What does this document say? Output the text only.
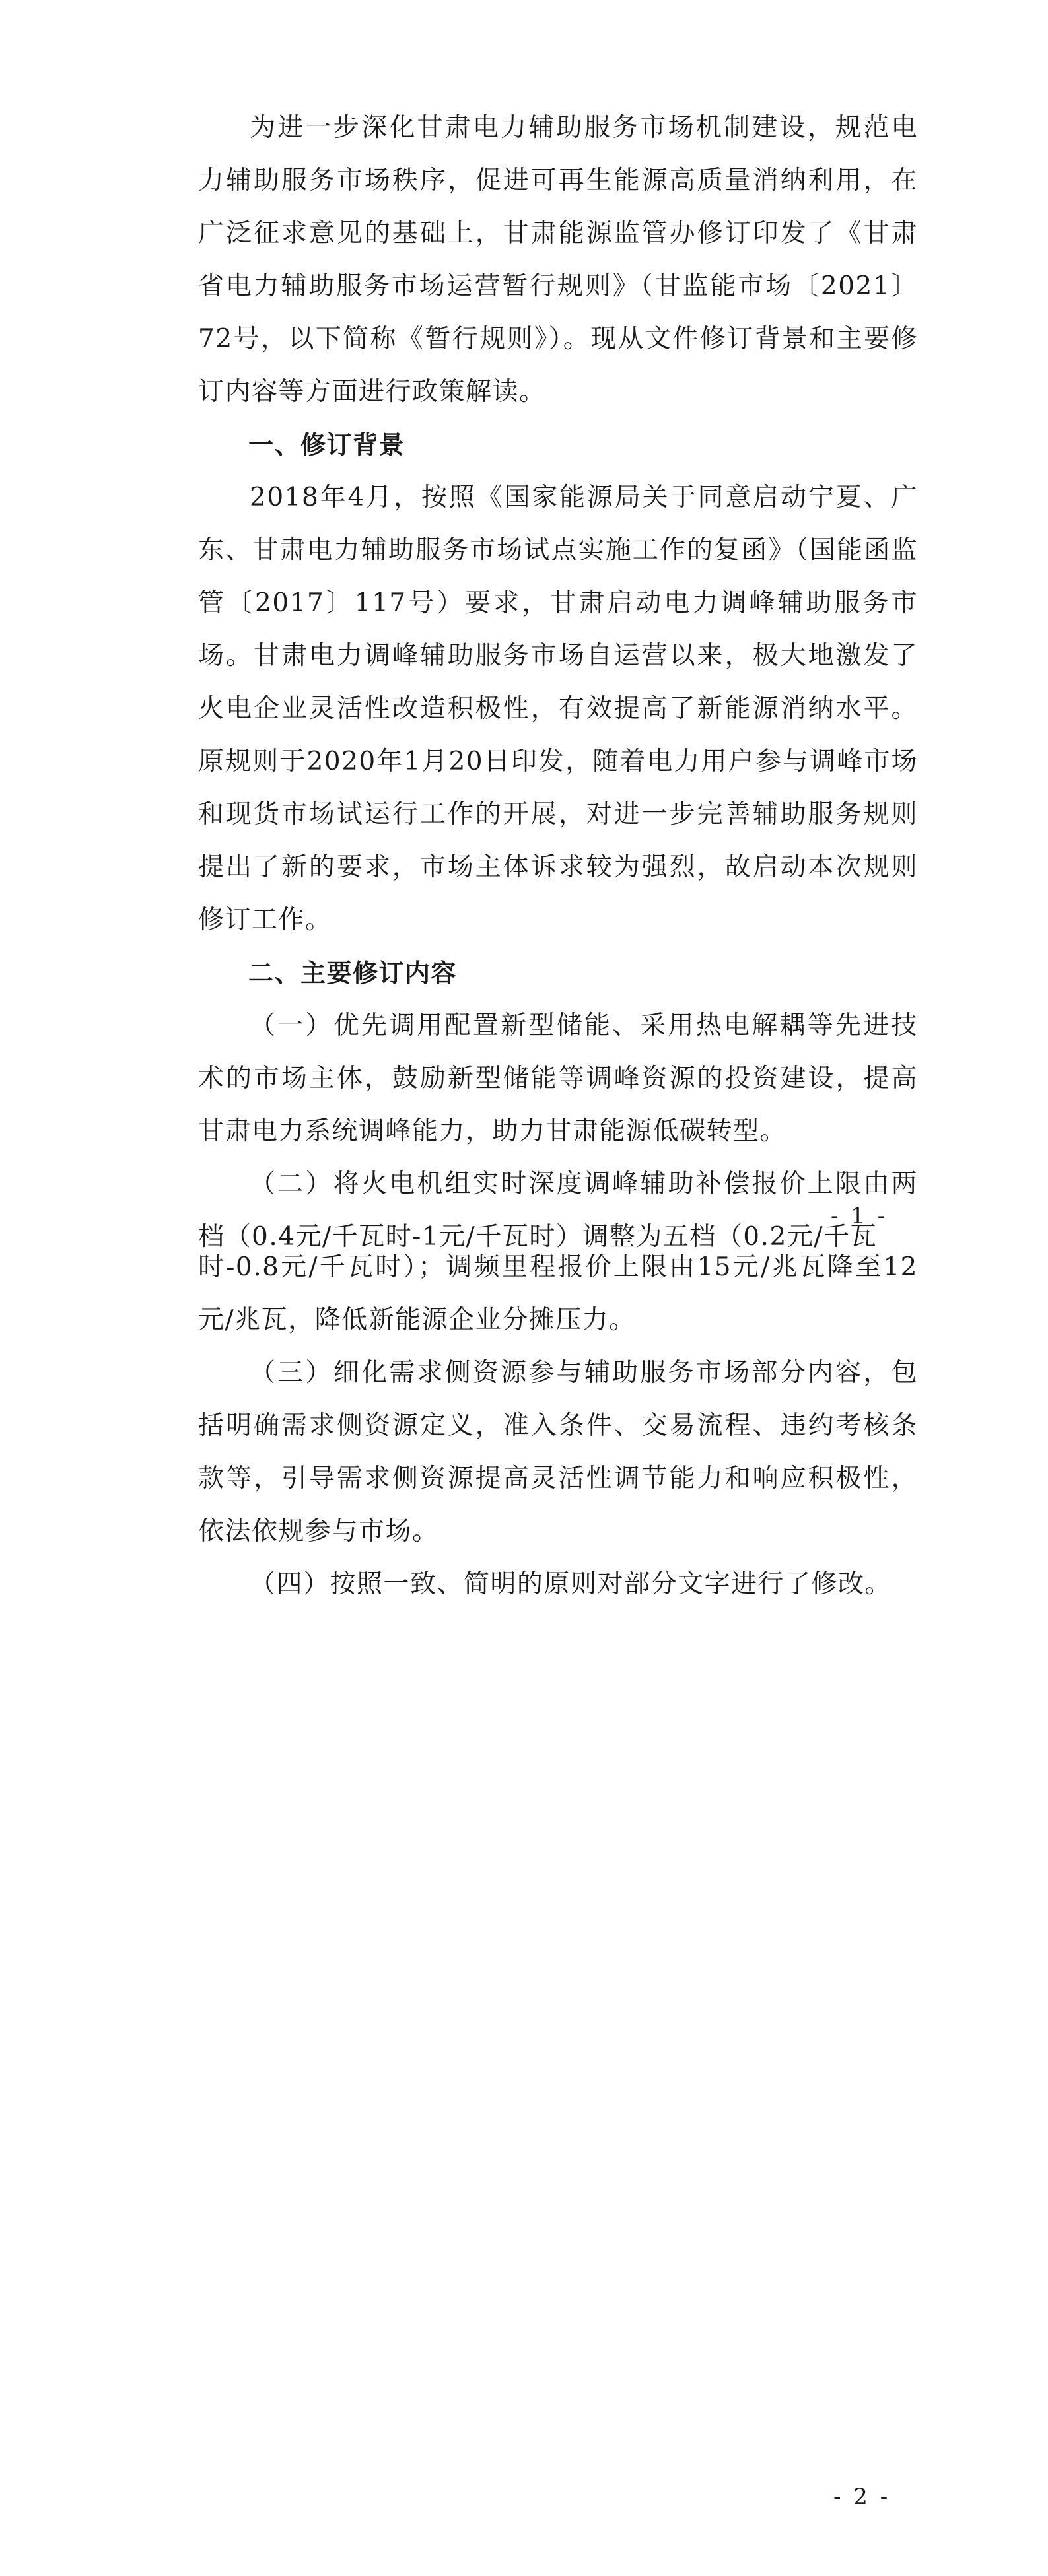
为进一步深化甘肃电力辅助服务市场机制建设，规范电力辅助服务市场秩序，促进可再生能源高质量消纳利用，在广泛征求意见的基础上，甘肃能源监管办修订印发了《甘肃省电力辅助服务市场运营暂行规则》（甘监能市场〔2021〕72号，以下简称《暂行规则》）。现从文件修订背景和主要修订内容等方面进行政策解读。

一、修订背景

2018年4月，按照《国家能源局关于同意启动宁夏、广东、甘肃电力辅助服务市场试点实施工作的复函》（国能函监管〔2017〕117号）要求，甘肃启动电力调峰辅助服务市场。甘肃电力调峰辅助服务市场自运营以来，极大地激发了火电企业灵活性改造积极性，有效提高了新能源消纳水平。原规则于2020年1月20日印发，随着电力用户参与调峰市场和现货市场试运行工作的开展，对进一步完善辅助服务规则提出了新的要求，市场主体诉求较为强烈，故启动本次规则修订工作。

二、主要修订内容

（一）优先调用配置新型储能、采用热电解耦等先进技术的市场主体，鼓励新型储能等调峰资源的投资建设，提高甘肃电力系统调峰能力，助力甘肃能源低碳转型。

（二）将火电机组实时深度调峰辅助补偿报价上限由两档（0.4元/千瓦时-1元/千瓦时）调整为五档（0.2元/千瓦

- 1 -

时-0.8元/千瓦时）；调频里程报价上限由15元/兆瓦降至12元/兆瓦，降低新能源企业分摊压力。

（三）细化需求侧资源参与辅助服务市场部分内容，包括明确需求侧资源定义，准入条件、交易流程、违约考核条款等，引导需求侧资源提高灵活性调节能力和响应积极性，依法依规参与市场。

（四）按照一致、简明的原则对部分文字进行了修改。

- 2 -
